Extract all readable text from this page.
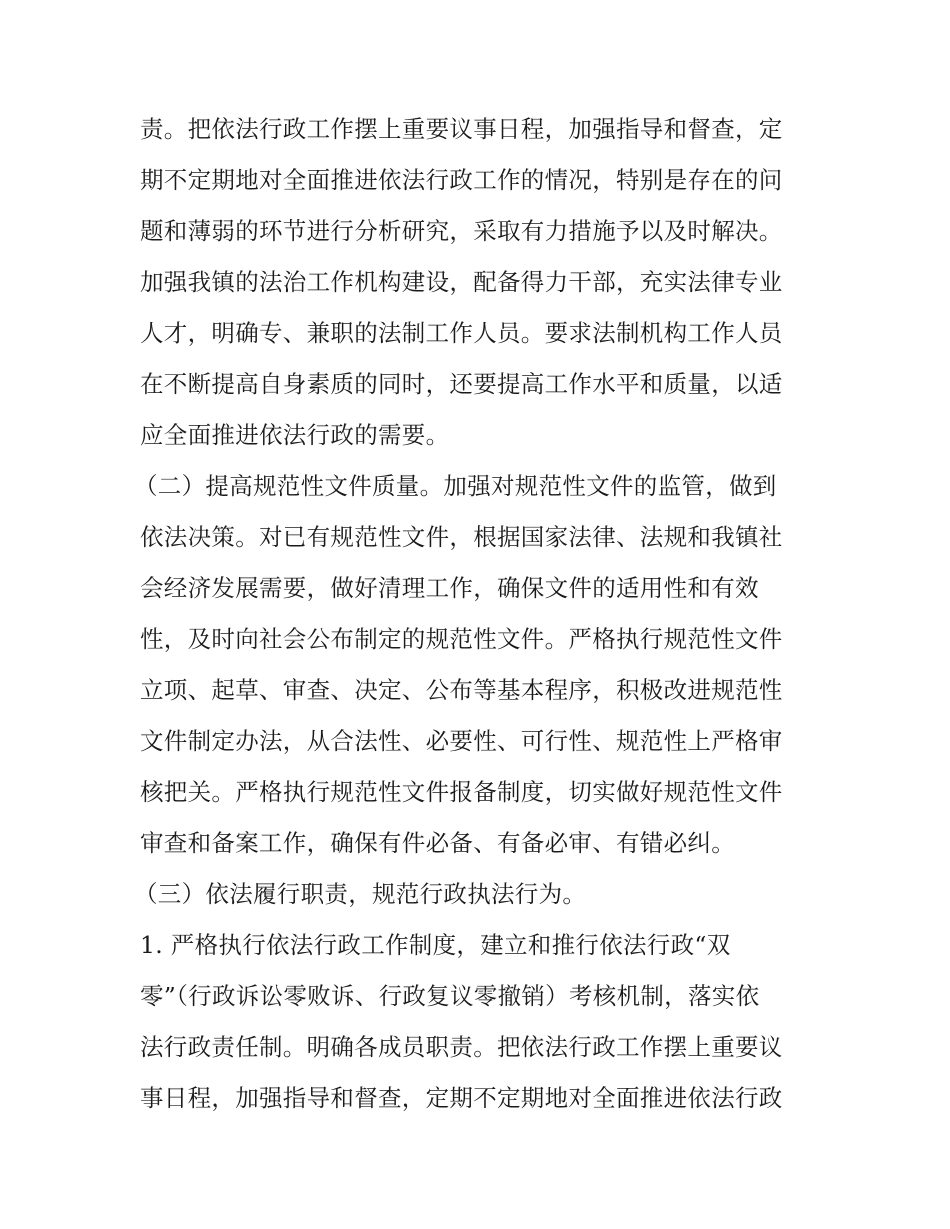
责。把依法行政工作摆上重要议事日程，加强指导和督查，定
期不定期地对全面推进依法行政工作的情况，特别是存在的问
题和薄弱的环节进行分析研究，采取有力措施予以及时解决。
加强我镇的法治工作机构建设，配备得力干部，充实法律专业
人才，明确专、兼职的法制工作人员。要求法制机构工作人员
在不断提高自身素质的同时，还要提高工作水平和质量，以适
应全面推进依法行政的需要。
（二）提高规范性文件质量。加强对规范性文件的监管，做到
依法决策。对已有规范性文件，根据国家法律、法规和我镇社
会经济发展需要，做好清理工作，确保文件的适用性和有效
性，及时向社会公布制定的规范性文件。严格执行规范性文件
立项、起草、审查、决定、公布等基本程序，积极改进规范性
文件制定办法，从合法性、必要性、可行性、规范性上严格审
核把关。严格执行规范性文件报备制度，切实做好规范性文件
审查和备案工作，确保有件必备、有备必审、有错必纠。
（三）依法履行职责，规范行政执法行为。
1. 严格执行依法行政工作制度，建立和推行依法行政“双
零”（行政诉讼零败诉、行政复议零撤销）考核机制，落实依
法行政责任制。明确各成员职责。把依法行政工作摆上重要议
事日程，加强指导和督查，定期不定期地对全面推进依法行政
